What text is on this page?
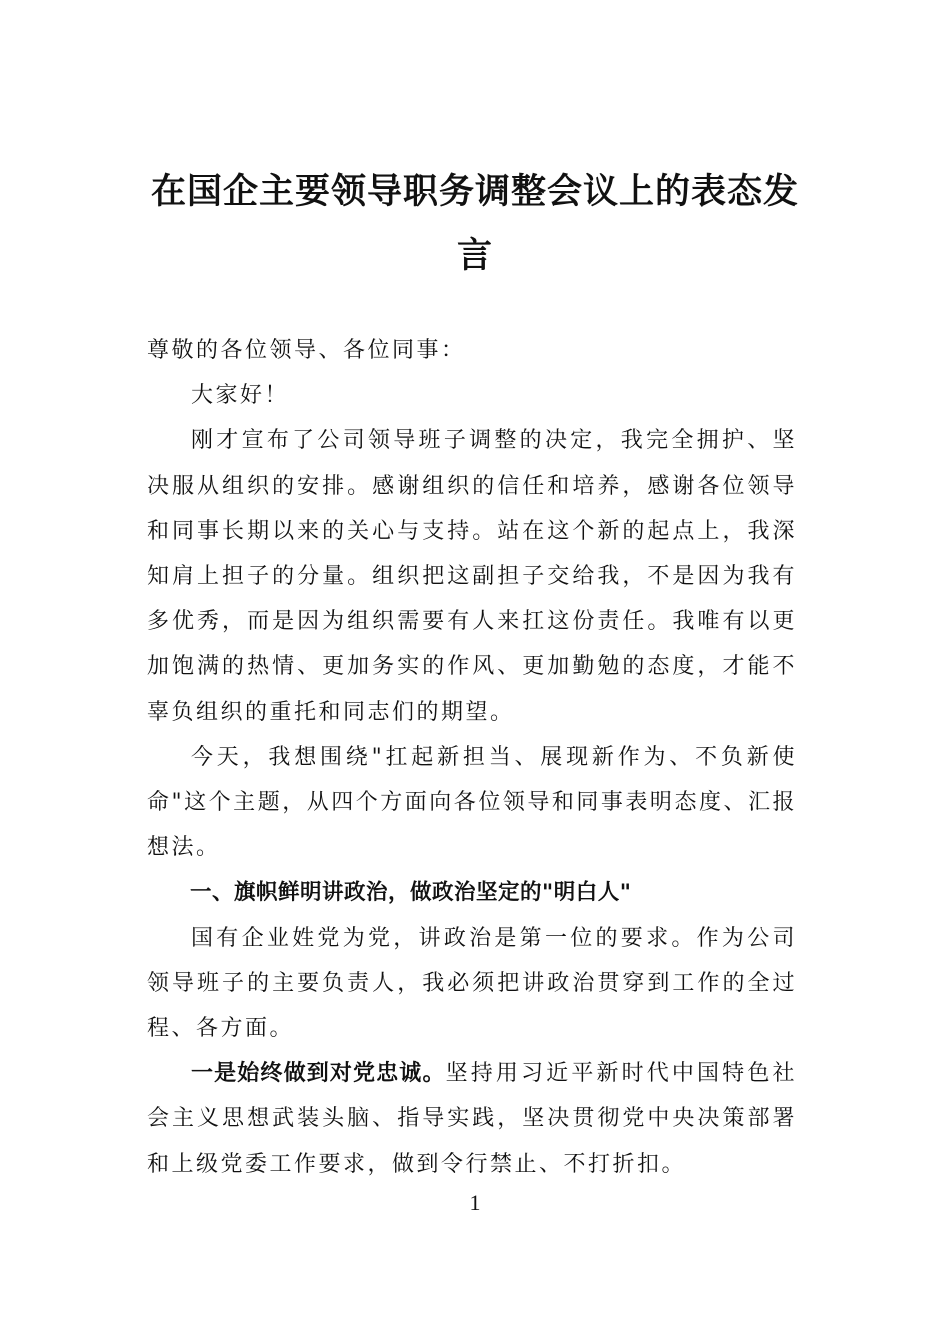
在国企主要领导职务调整会议上的表态发言

尊敬的各位领导、各位同事：

大家好！

刚才宣布了公司领导班子调整的决定，我完全拥护、坚决服从组织的安排。感谢组织的信任和培养，感谢各位领导和同事长期以来的关心与支持。站在这个新的起点上，我深知肩上担子的分量。组织把这副担子交给我，不是因为我有多优秀，而是因为组织需要有人来扛这份责任。我唯有以更加饱满的热情、更加务实的作风、更加勤勉的态度，才能不辜负组织的重托和同志们的期望。

今天，我想围绕"扛起新担当、展现新作为、不负新使命"这个主题，从四个方面向各位领导和同事表明态度、汇报想法。

一、旗帜鲜明讲政治，做政治坚定的"明白人"

国有企业姓党为党，讲政治是第一位的要求。作为公司领导班子的主要负责人，我必须把讲政治贯穿到工作的全过程、各方面。

一是始终做到对党忠诚。坚持用习近平新时代中国特色社会主义思想武装头脑、指导实践，坚决贯彻党中央决策部署和上级党委工作要求，做到令行禁止、不打折扣。

1
